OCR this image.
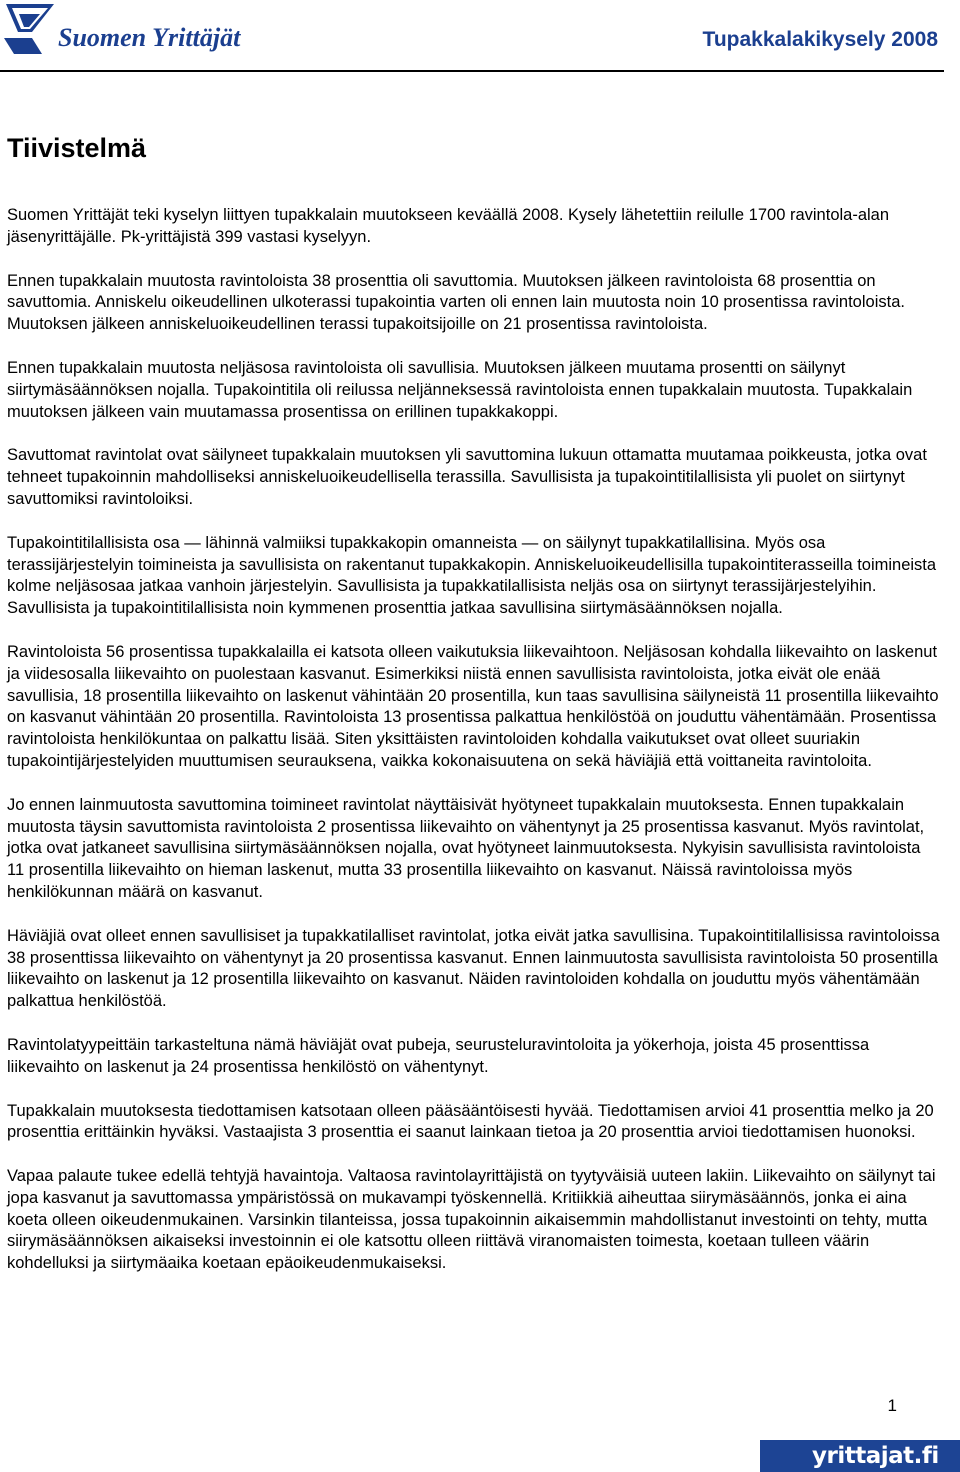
Suomen Yrittäjät	Tupakkalakikysely 2008
Tiivistelmä

Suomen Yrittäjät teki kyselyn liittyen tupakkalain muutokseen keväällä 2008. Kysely lähetettiin reilulle 1700 ravintola-alan jäsenyrittäjälle. Pk-yrittäjistä 399 vastasi kyselyyn.

Ennen tupakkalain muutosta ravintoloista 38 prosenttia oli savuttomia. Muutoksen jälkeen ravintoloista 68 prosenttia on savuttomia. Anniskelu oikeudellinen ulkoterassi tupakointia varten oli ennen lain muutosta noin 10 prosentissa ravintoloista. Muutoksen jälkeen anniskeluoikeudellinen terassi tupakoitsijoille on 21 prosentissa ravintoloista.

Ennen tupakkalain muutosta neljäsosa ravintoloista oli savullisia. Muutoksen jälkeen muutama prosentti on säilynyt siirtymäsäännöksen nojalla. Tupakointitila oli reilussa neljänneksessä ravintoloista ennen tupakkalain muutosta. Tupakkalain muutoksen jälkeen vain muutamassa prosentissa on erillinen tupakkakoppi.

Savuttomat ravintolat ovat säilyneet tupakkalain muutoksen yli savuttomina lukuun ottamatta muutamaa poikkeusta, jotka ovat tehneet tupakoinnin mahdolliseksi anniskeluoikeudellisella terassilla. Savullisista ja tupakointitilallisista yli puolet on siirtynyt savuttomiksi ravintoloiksi.

Tupakointitilallisista osa — lähinnä valmiiksi tupakkakopin omanneista — on säilynyt tupakkatilallisina. Myös osa terassijärjestelyin toimineista ja savullisista on rakentanut tupakkakopin. Anniskeluoikeudellisilla tupakointiterasseilla toimineista kolme neljäsosaa jatkaa vanhoin järjestelyin. Savullisista ja tupakkatilallisista neljäs osa on siirtynyt terassijärjestelyihin. Savullisista ja tupakointitilallisista noin kymmenen prosenttia jatkaa savullisina siirtymäsäännöksen nojalla.

Ravintoloista 56 prosentissa tupakkalailla ei katsota olleen vaikutuksia liikevaihtoon. Neljäsosan kohdalla liikevaihto on laskenut ja viidesosalla liikevaihto on puolestaan kasvanut. Esimerkiksi niistä ennen savullisista ravintoloista, jotka eivät ole enää savullisia, 18 prosentilla liikevaihto on laskenut vähintään 20 prosentilla, kun taas savullisina säilyneistä 11 prosentilla liikevaihto on kasvanut vähintään 20 prosentilla. Ravintoloista 13 prosentissa palkattua henkilöstöä on jouduttu vähentämään. Prosentissa ravintoloista henkilökuntaa on palkattu lisää. Siten yksittäisten ravintoloiden kohdalla vaikutukset ovat olleet suuriakin tupakointijärjestelyiden muuttumisen seurauksena, vaikka kokonaisuutena on sekä häviäjiä että voittaneita ravintoloita.

Jo ennen lainmuutosta savuttomina toimineet ravintolat näyttäisivät hyötyneet tupakkalain muutoksesta. Ennen tupakkalain muutosta täysin savuttomista ravintoloista 2 prosentissa liikevaihto on vähentynyt ja 25 prosentissa kasvanut. Myös ravintolat, jotka ovat jatkaneet savullisina siirtymäsäännöksen nojalla, ovat hyötyneet lainmuutoksesta. Nykyisin savullisista ravintoloista 11 prosentilla liikevaihto on hieman laskenut, mutta 33 prosentilla liikevaihto on kasvanut. Näissä ravintoloissa myös henkilökunnan määrä on kasvanut.

Häviäjiä ovat olleet ennen savullisiset ja tupakkatilalliset ravintolat, jotka eivät jatka savullisina. Tupakointitilallisissa ravintoloissa 38 prosenttissa liikevaihto on vähentynyt ja 20 prosentissa kasvanut. Ennen lainmuutosta savullisista ravintoloista 50 prosentilla liikevaihto on laskenut ja 12 prosentilla liikevaihto on kasvanut. Näiden ravintoloiden kohdalla on jouduttu myös vähentämään palkattua henkilöstöä.

Ravintolatyypeittäin tarkasteltuna nämä häviäjät ovat pubeja, seurusteluravintoloita ja yökerhoja, joista 45 prosenttissa liikevaihto on laskenut ja 24 prosentissa henkilöstö on vähentynyt.

Tupakkalain muutoksesta tiedottamisen katsotaan olleen pääsääntöisesti hyvää. Tiedottamisen arvioi 41 prosenttia melko ja 20 prosenttia erittäinkin hyväksi. Vastaajista 3 prosenttia ei saanut lainkaan tietoa ja 20 prosenttia arvioi tiedottamisen huonoksi.

Vapaa palaute tukee edellä tehtyjä havaintoja. Valtaosa ravintolayrittäjistä on tyytyväisiä uuteen lakiin. Liikevaihto on säilynyt tai jopa kasvanut ja savuttomassa ympäristössä on mukavampi työskennellä. Kritiikkiä aiheuttaa siirymäsäännös, jonka ei aina koeta olleen oikeudenmukainen. Varsinkin tilanteissa, jossa tupakoinnin aikaisemmin mahdollistanut investointi on tehty, mutta siirymäsäännöksen aikaiseksi investoinnin ei ole katsottu olleen riittävä viranomaisten toimesta, koetaan tulleen väärin kohdelluksi ja siirtymäaika koetaan epäoikeudenmukaiseksi.

1
yrittajat.fi
